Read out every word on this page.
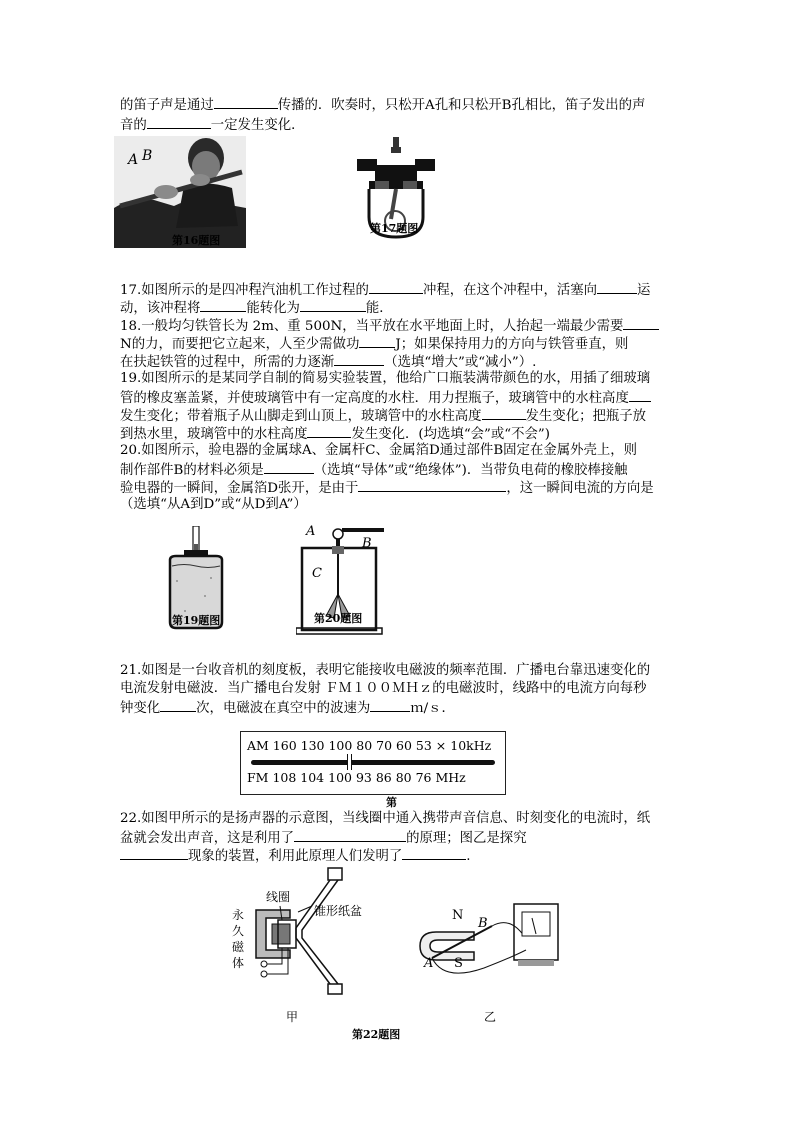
的笛子声是通过	传播的．吹奏时，只松开A孔和只松开B孔相比，笛子发出的声
音的	一定发生变化．
A B
第16题图
第17题图
17.如图所示的是四冲程汽油机工作过程的	冲程，在这个冲程中，活塞向	运
动，该冲程将	能转化为	能．
18.一般均匀铁管长为 2m、重 500N，当平放在水平地面上时，人抬起一端最少需要
N的力，而要把它立起来，人至少需做功	J；如果保持用力的方向与铁管垂直，则
在扶起铁管的过程中，所需的力逐渐	（选填“增大”或“减小”）.
19.如图所示的是某同学自制的简易实验装置，他给广口瓶装满带颜色的水，用插了细玻璃
管的橡皮塞盖紧，并使玻璃管中有一定高度的水柱．用力捏瓶子，玻璃管中的水柱高度
发生变化；带着瓶子从山脚走到山顶上，玻璃管中的水柱高度	发生变化；把瓶子放
到热水里，玻璃管中的水柱高度	发生变化．(均选填“会”或“不会”)
20.如图所示，验电器的金属球A、金属杆C、金属箔D通过部件B固定在金属外壳上，则
制作部件B的材料必须是	（选填“导体”或“绝缘体”)．当带负电荷的橡胶棒接触
验电器的一瞬间，金属箔D张开，是由于	，这一瞬间电流的方向是
（选填“从A到D”或“从D到A”）
第19题图
A
B
C
第20题图
21.如图是一台收音机的刻度板，表明它能接收电磁波的频率范围．广播电台靠迅速变化的
电流发射电磁波．当广播电台发射 ＦＭ１００ＭＨｚ的电磁波时，线路中的电流方向每秒
钟变化	次，电磁波在真空中的波速为	ｍ/ｓ．
AM 160 130 100 80 70 60 53 × 10kHz
FM 108 104 100 93 86 80 76 MHz
第
22.如图甲所示的是扬声器的示意图，当线圈中通入携带声音信息、时刻变化的电流时，纸
盆就会发出声音，这是利用了	的原理；图乙是探究
现象的装置，利用此原理人们发明了	.
线圈
锥形纸盆
永
久
磁
体
甲
N
S
A
B
乙
第22题图
